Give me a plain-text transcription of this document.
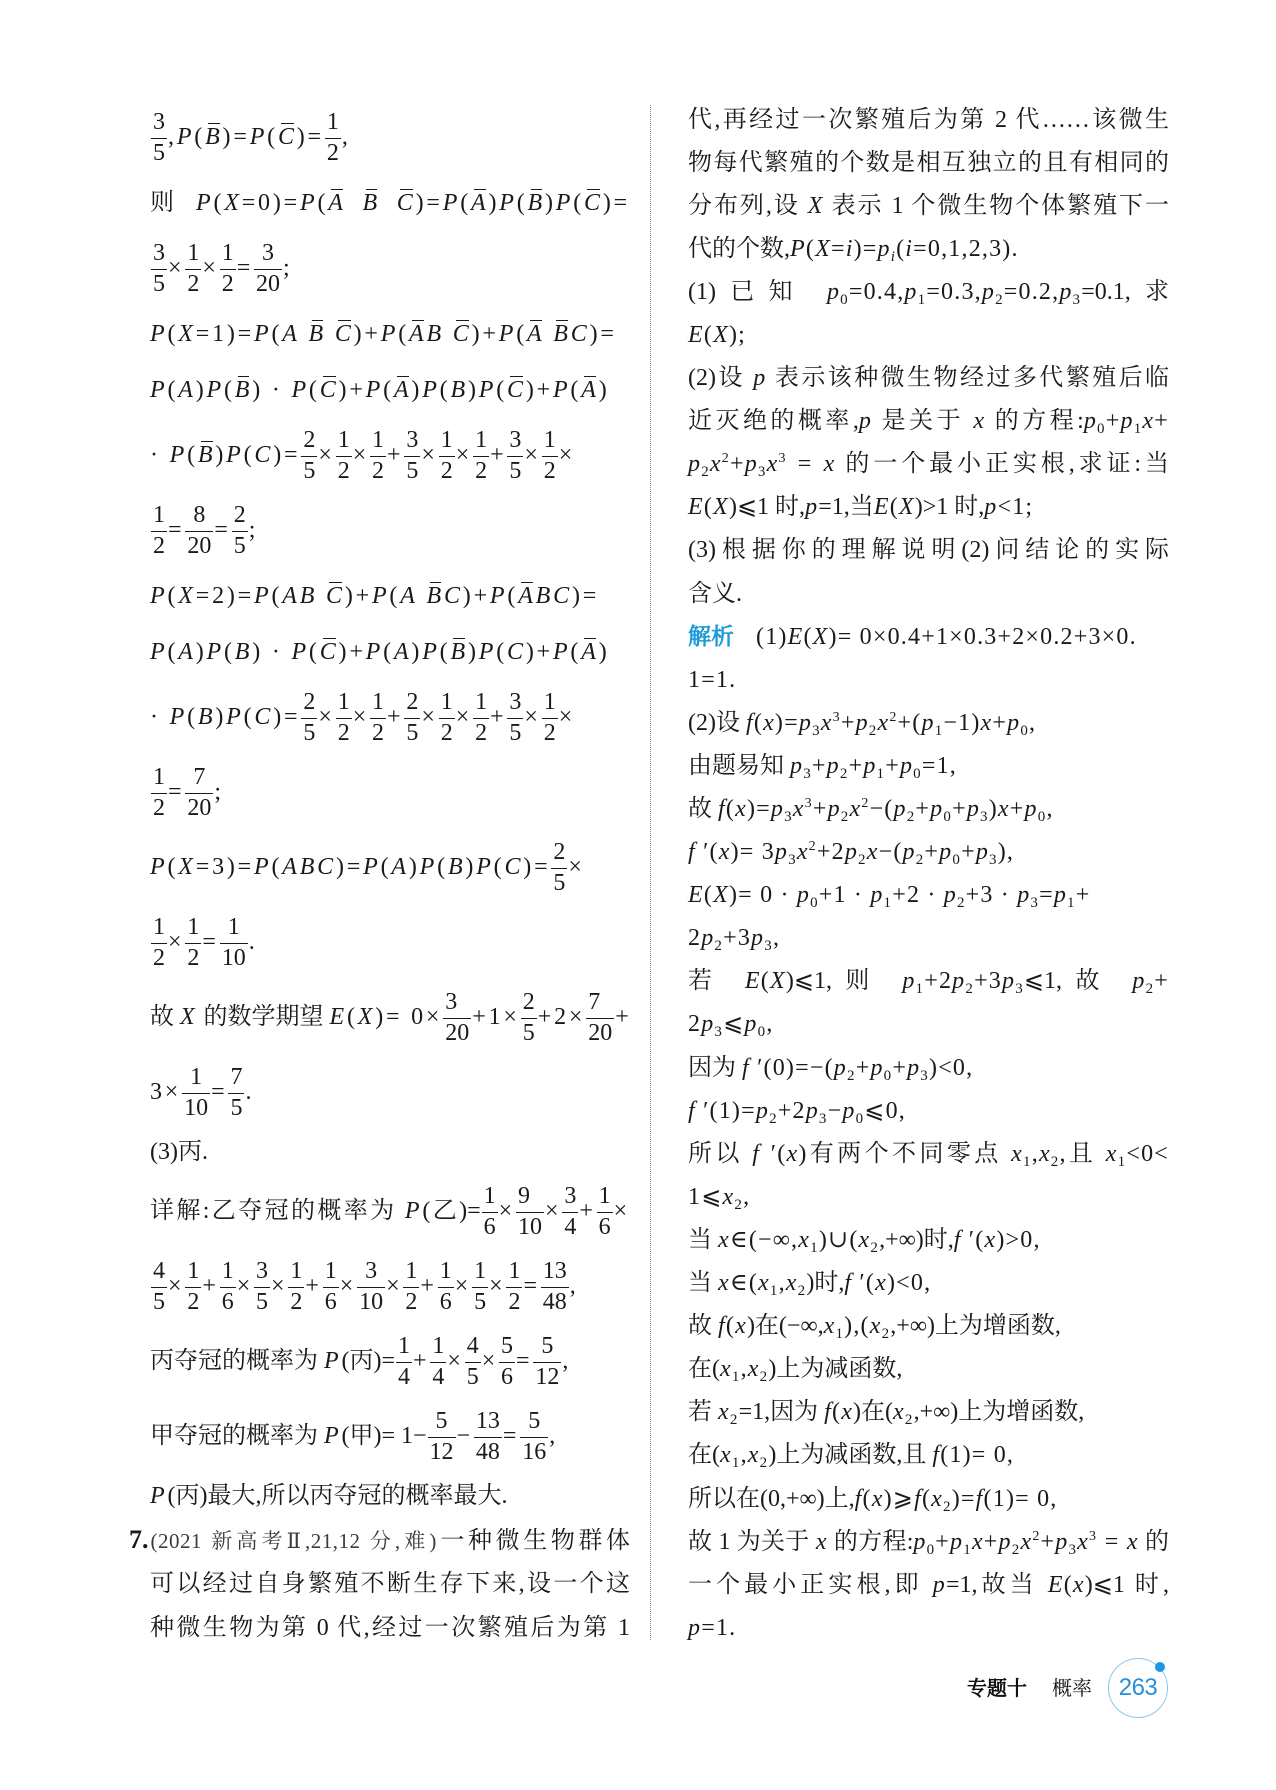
$\frac{3}{5} ,P(B$ )=P(C )= $\frac{1}{2}$ ,
则 P(X=0)=P(A B C )=P(A )P(B )P(C )=
$\frac{3}{5} \times \frac{1}{2} \times \frac{1}{2} = \frac{3}{20}$ ;
P(X=1)=P(A B C )+P(A B C )+P(A B C)=
P(A)P(B ) · P(C )+P(A )P(B)P(C )+P(A )
· P(B )$P(C)= \frac{2}{5} \times \frac{1}{2} \times \frac{1}{2} + \frac{3}{5} \times \frac{1}{2} \times \frac{1}{2} + \frac{3}{5} \times \frac{1}{2}$ ×
$\frac{1}{2} = \frac{8}{20} = \frac{2}{5}$ ;
P(X=2)=P(AB C )+P(A B C)+P(A BC)=
P(A)P(B) · P(C )+P(A)P(B )P(C)+P(A )
· $P(B)P(C)= \frac{2}{5} \times \frac{1}{2} \times \frac{1}{2} + \frac{2}{5} \times \frac{1}{2} \times \frac{1}{2} + \frac{3}{5} \times \frac{1}{2}$ ×
$\frac{1}{2} = \frac{7}{20}$ ;
$P(X=3)=P(ABC)=P(A)P(B)P(C)= \frac{2}{5}$ ×
$\frac{1}{2} \times \frac{1}{2} = \frac{1}{10}$ .
故 X 的数学期望 $E(X)= 0\times \frac{3}{20} +1\times \frac{2}{5} +2\times \frac{7}{20}$ +
$3\times \frac{1}{10} = \frac{7}{5}$ .
(3)丙.
详解:乙夺冠的概率为 P(乙)= $\frac{1}{6} \times \frac{9}{10} \times \frac{3}{4} + \frac{1}{6}$ ×
$\frac{4}{5} \times \frac{1}{2} + \frac{1}{6} \times \frac{3}{5} \times \frac{1}{2} + \frac{1}{6} \times \frac{3}{10} \times \frac{1}{2} + \frac{1}{6} \times \frac{1}{5} \times \frac{1}{2} = \frac{13}{48}$ ,
丙夺冠的概率为 P(丙)= $\frac{1}{4} + \frac{1}{4} \times \frac{4}{5} \times \frac{5}{6} = \frac{5}{12}$ ,
甲夺冠的概率为 P(甲)= $1- \frac{5}{12} - \frac{13}{48} = \frac{5}{16}$ ,
P(丙)最大,所以丙夺冠的概率最大.
7.(2021 新高考Ⅱ,21,12 分,难)一种微生物群体
可以经过自身繁殖不断生存下来,设一个这
种微生物为第 0 代,经过一次繁殖后为第 1
代,再经过一次繁殖后为第 2 代……该微生
物每代繁殖的个数是相互独立的且有相同的
分布列,设 X 表示 1 个微生物个体繁殖下一
代的个数$,P(X=i)=p_i(i=0,1,2,3)$.
(1)已知 $p_0=0.4,p_1=0.3,p_2=0.2,p_3=0.1$,求
E(X);
(2)设 p 表示该种微生物经过多代繁殖后临
近灭绝的概率,p 是关于 x 的方程$:p_0+p_1x+$
$p_2x^2+p_3x^3 = x$ 的一个最小正实根,求证:当
E(X)⩽1 时,p=1,当E(X)>1 时,p<1;
(3)根据你的理解说明(2)问结论的实际
含义.
解析 (1)E(X)= 0×0.4+1×0.3+2×0.2+3×0.
1=1.
(2)设 $f(x)=p_3x^3+p_2x^2+(p_1-1)x+p_0$,
由题易知 $p_3+p_2+p_1+p_0=1$,
故 $f(x)=p_3x^3+p_2x^2-(p_2+p_0+p_3)x+p_0$,
f $'(x)= 3p_3x^2+2p_2x-(p_2+p_0+p_3)$,
$E(X)= 0 \cdot p_0+1 \cdot p_1+2 \cdot p_2+3 \cdot p_3=p_1+$
$2p_2+3p_3$,
若 E(X)⩽1,则 $p_1+2p_2+3p_3⩽1$,故 $p_2+$
$2p_3⩽p_0$,
因为 f $'(0)=-(p_2+p_0+p_3)<0$,
f $'(1)=p_2+2p_3-p_0⩽0$,
所以 f ′(x)有两个不同零点 $x_1,x_2$,且 $x_1<0<$
$1⩽x_2$,
当 $x\in(-\infty,x_1)\cup(x_2,+\infty)$时,f ′(x)>0,
当 $x\in(x_1,x_2)$时,f ′(x)<0,
故 f(x)在$(-\infty,x_1),(x_2,+\infty)$上为增函数,
在$(x_1,x_2)$上为减函数,
若 $x_2=1$,因为 f(x)在$(x_2,+\infty)$上为增函数,
在$(x_1,x_2)$上为减函数,且 f(1)= 0,
所以在(0,+∞)上$,f(x)⩾f(x_2)=f(1)= 0$,
故 1 为关于 x 的方程$:p_0+p_1x+p_2x^2+p_3x^3 = x$ 的
一个最小正实根,即 p=1,故当 E(x)⩽1 时,
p=1.
专题十 概率 263
